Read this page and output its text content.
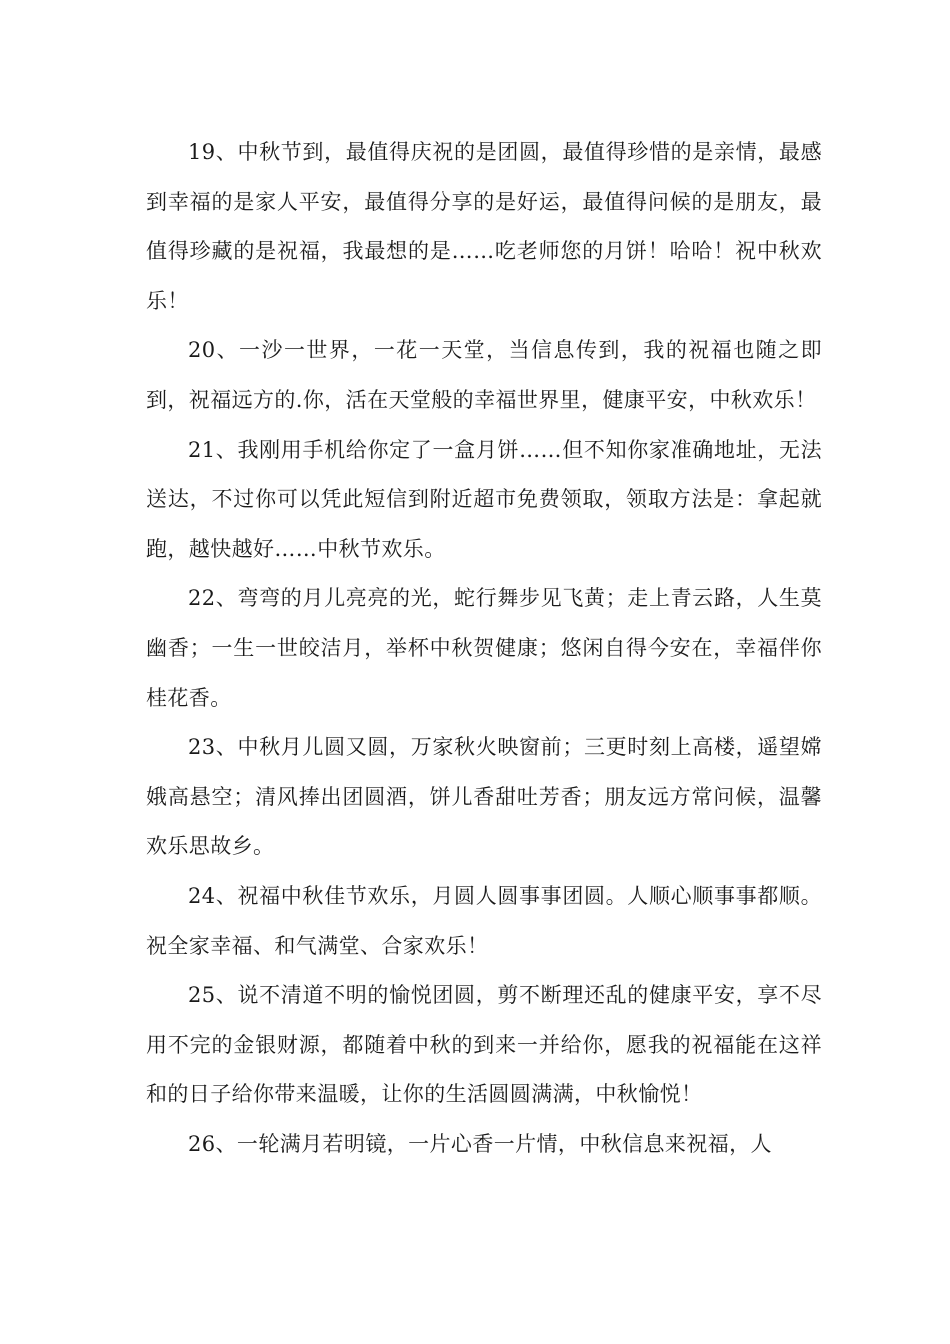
19、中秋节到，最值得庆祝的是团圆，最值得珍惜的是亲情，最感到幸福的是家人平安，最值得分享的是好运，最值得问候的是朋友，最值得珍藏的是祝福，我最想的是……吃老师您的月饼！哈哈！祝中秋欢乐！

20、一沙一世界，一花一天堂，当信息传到，我的祝福也随之即到，祝福远方的.你，活在天堂般的幸福世界里，健康平安，中秋欢乐！

21、我刚用手机给你定了一盒月饼……但不知你家准确地址，无法送达，不过你可以凭此短信到附近超市免费领取，领取方法是：拿起就跑，越快越好……中秋节欢乐。

22、弯弯的月儿亮亮的光，蛇行舞步见飞黄；走上青云路，人生莫幽香；一生一世皎洁月，举杯中秋贺健康；悠闲自得今安在，幸福伴你桂花香。

23、中秋月儿圆又圆，万家秋火映窗前；三更时刻上高楼，遥望嫦娥高悬空；清风捧出团圆酒，饼儿香甜吐芳香；朋友远方常问候，温馨欢乐思故乡。

24、祝福中秋佳节欢乐，月圆人圆事事团圆。人顺心顺事事都顺。祝全家幸福、和气满堂、合家欢乐！

25、说不清道不明的愉悦团圆，剪不断理还乱的健康平安，享不尽用不完的金银财源，都随着中秋的到来一并给你，愿我的祝福能在这祥和的日子给你带来温暖，让你的生活圆圆满满，中秋愉悦！

26、一轮满月若明镜，一片心香一片情，中秋信息来祝福，人
